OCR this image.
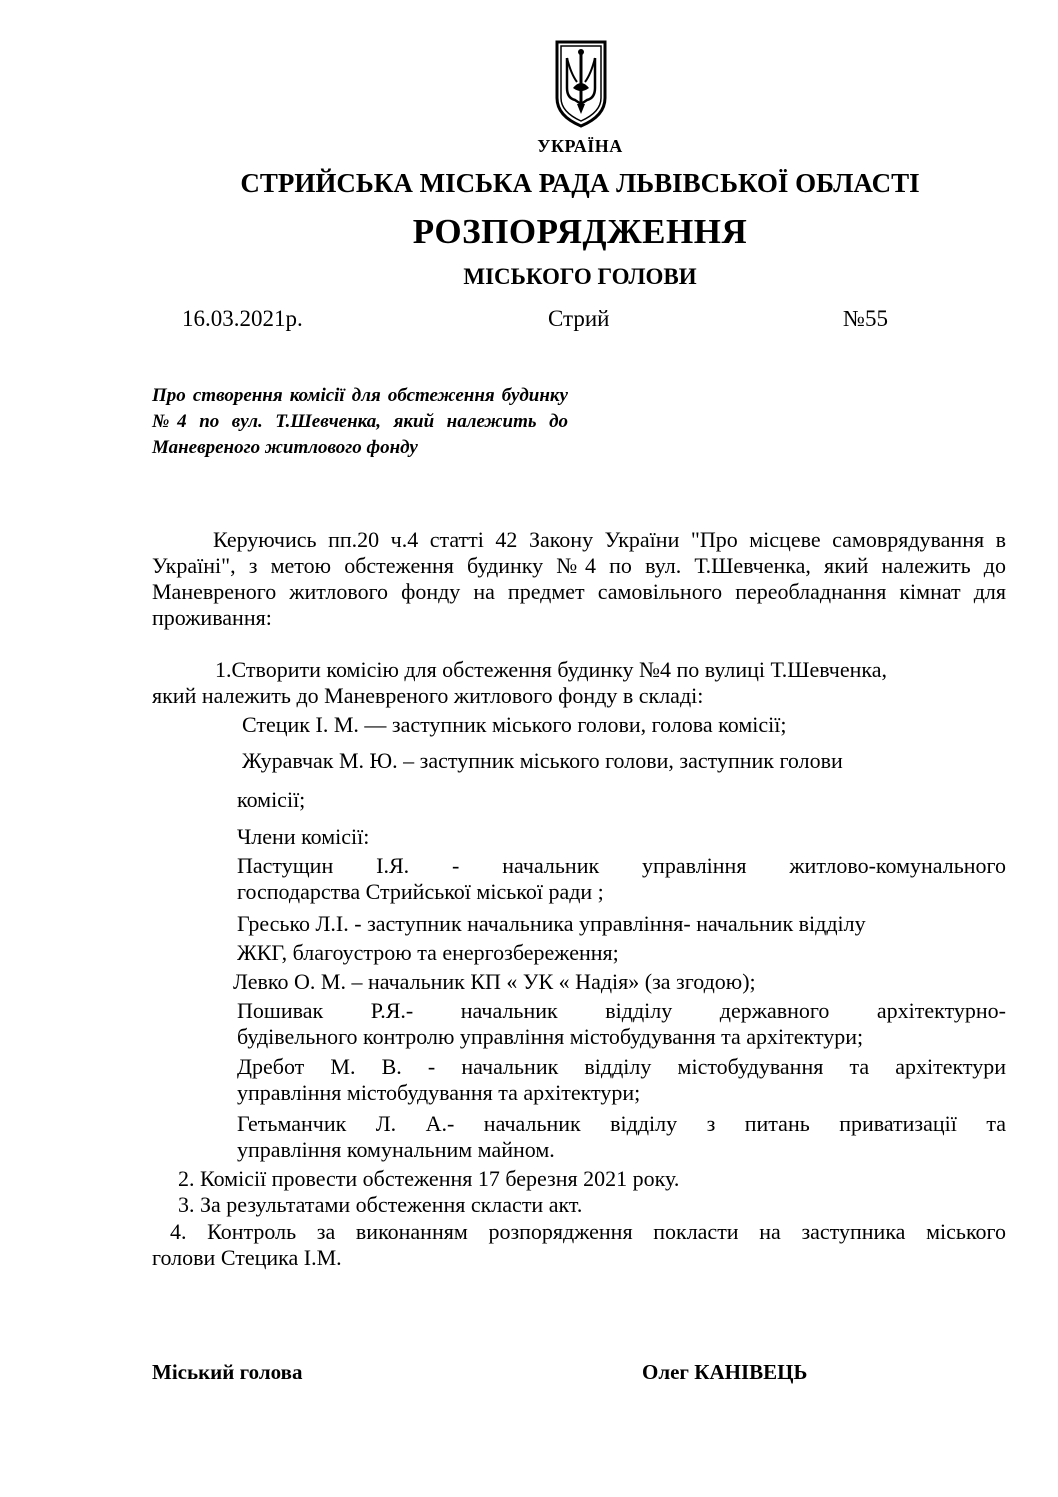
УКРАЇНА
СТРИЙСЬКА МІСЬКА РАДА ЛЬВІВСЬКОЇ ОБЛАСТІ
РОЗПОРЯДЖЕННЯ
МІСЬКОГО ГОЛОВИ
16.03.2021р.	Стрий	№55
Про створення комісії для обстеження будинку №4 по вул. Т.Шевченка, який належить до Маневреного житлового фонду
Керуючись пп.20 ч.4 статті 42 Закону України "Про місцеве самоврядування в Україні", з метою обстеження будинку №4 по вул. Т.Шевченка, який належить до Маневреного житлового фонду на предмет самовільного переобладнання кімнат для проживання:
1.Створити комісію для обстеження будинку №4 по вулиці Т.Шевченка,
який належить до Маневреного житлового фонду в складі:
Стецик І. М. — заступник міського голови, голова комісії;
Журавчак М. Ю. – заступник міського голови, заступник голови
комісії;
Члени комісії:
Пастущин І.Я. - начальник управління житлово-комунального
господарства Стрийської міської ради ;
Гресько Л.І. - заступник начальника управління- начальник відділу
ЖКГ, благоустрою та енергозбереження;
Левко О. М. – начальник КП « УК « Надія» (за згодою);
Пошивак Р.Я.- начальник відділу державного архітектурно-
будівельного контролю управління містобудування та архітектури;
Дребот М. В. - начальник відділу містобудування та архітектури
управління містобудування та архітектури;
Гетьманчик Л. А.- начальник відділу з питань приватизації та
управління комунальним майном.
2. Комісії провести обстеження 17 березня 2021 року.
3. За результатами обстеження скласти акт.
4. Контроль за виконанням розпорядження покласти на заступника міського
голови Стецика І.М.
Міський голова	Олег КАНІВЕЦЬ
